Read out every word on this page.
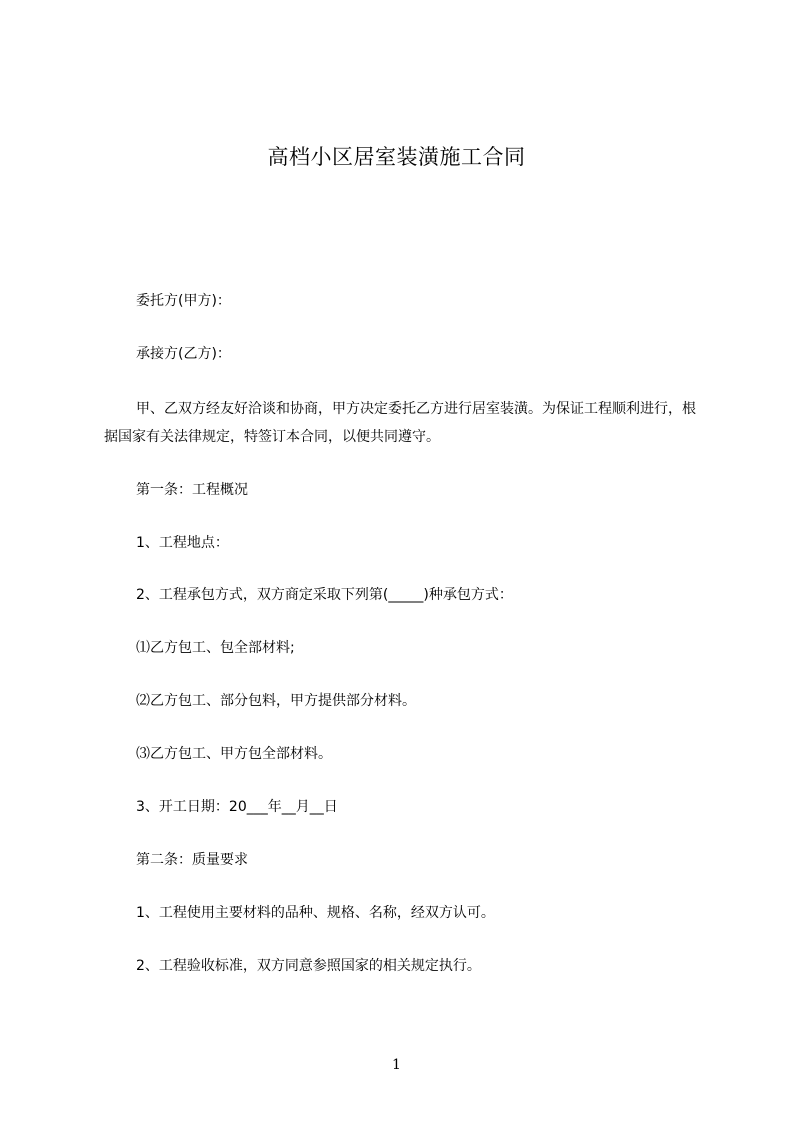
高档小区居室装潢施工合同
委托方(甲方)：
承接方(乙方)：
甲、乙双方经友好洽谈和协商，甲方决定委托乙方进行居室装潢。为保证工程顺利进行，根据国家有关法律规定，特签订本合同，以便共同遵守。
第一条：工程概况
1、工程地点：
2、工程承包方式，双方商定采取下列第(_____)种承包方式：
⑴乙方包工、包全部材料;
⑵乙方包工、部分包料，甲方提供部分材料。
⑶乙方包工、甲方包全部材料。
3、开工日期：20___年__月__日
第二条：质量要求
1、工程使用主要材料的品种、规格、名称，经双方认可。
2、工程验收标准，双方同意参照国家的相关规定执行。
1
